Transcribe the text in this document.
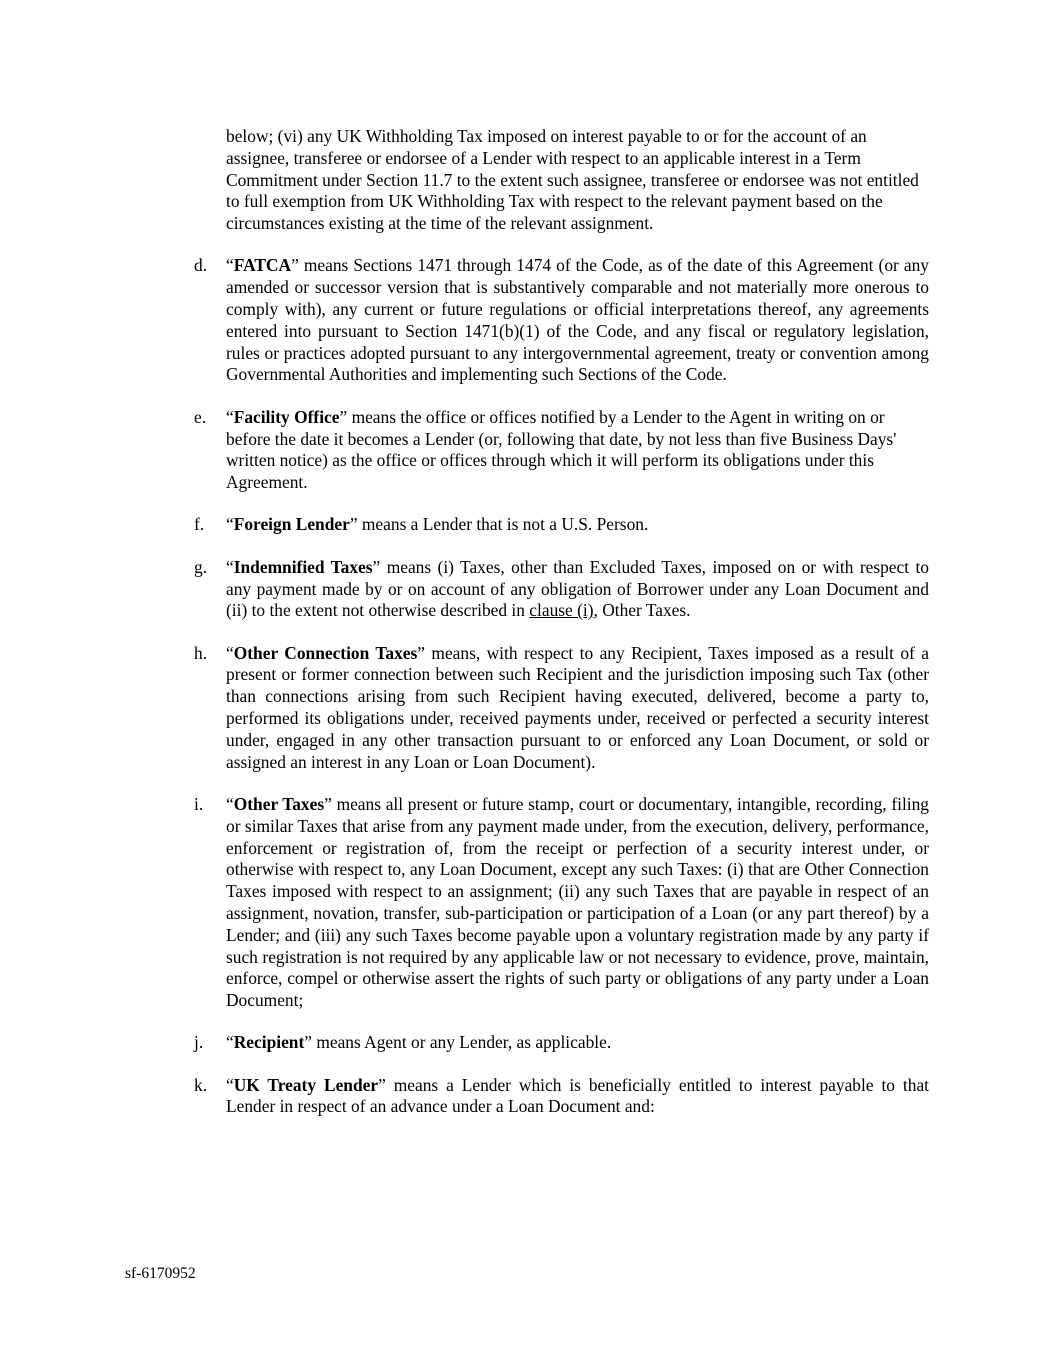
below; (vi) any UK Withholding Tax imposed on interest payable to or for the account of an assignee, transferee or endorsee of a Lender with respect to an applicable interest in a Term Commitment under Section 11.7 to the extent such assignee, transferee or endorsee was not entitled to full exemption from UK Withholding Tax with respect to the relevant payment based on the circumstances existing at the time of the relevant assignment.

d. “FATCA” means Sections 1471 through 1474 of the Code, as of the date of this Agreement (or any amended or successor version that is substantively comparable and not materially more onerous to comply with), any current or future regulations or official interpretations thereof, any agreements entered into pursuant to Section 1471(b)(1) of the Code, and any fiscal or regulatory legislation, rules or practices adopted pursuant to any intergovernmental agreement, treaty or convention among Governmental Authorities and implementing such Sections of the Code.

e. “Facility Office” means the office or offices notified by a Lender to the Agent in writing on or before the date it becomes a Lender (or, following that date, by not less than five Business Days' written notice) as the office or offices through which it will perform its obligations under this Agreement.

f. “Foreign Lender” means a Lender that is not a U.S. Person.

g. “Indemnified Taxes” means (i) Taxes, other than Excluded Taxes, imposed on or with respect to any payment made by or on account of any obligation of Borrower under any Loan Document and (ii) to the extent not otherwise described in clause (i), Other Taxes.

h. “Other Connection Taxes” means, with respect to any Recipient, Taxes imposed as a result of a present or former connection between such Recipient and the jurisdiction imposing such Tax (other than connections arising from such Recipient having executed, delivered, become a party to, performed its obligations under, received payments under, received or perfected a security interest under, engaged in any other transaction pursuant to or enforced any Loan Document, or sold or assigned an interest in any Loan or Loan Document).

i. “Other Taxes” means all present or future stamp, court or documentary, intangible, recording, filing or similar Taxes that arise from any payment made under, from the execution, delivery, performance, enforcement or registration of, from the receipt or perfection of a security interest under, or otherwise with respect to, any Loan Document, except any such Taxes: (i) that are Other Connection Taxes imposed with respect to an assignment; (ii) any such Taxes that are payable in respect of an assignment, novation, transfer, sub-participation or participation of a Loan (or any part thereof) by a Lender; and (iii) any such Taxes become payable upon a voluntary registration made by any party if such registration is not required by any applicable law or not necessary to evidence, prove, maintain, enforce, compel or otherwise assert the rights of such party or obligations of any party under a Loan Document;

j. “Recipient” means Agent or any Lender, as applicable.

k. “UK Treaty Lender” means a Lender which is beneficially entitled to interest payable to that Lender in respect of an advance under a Loan Document and:

sf-6170952
